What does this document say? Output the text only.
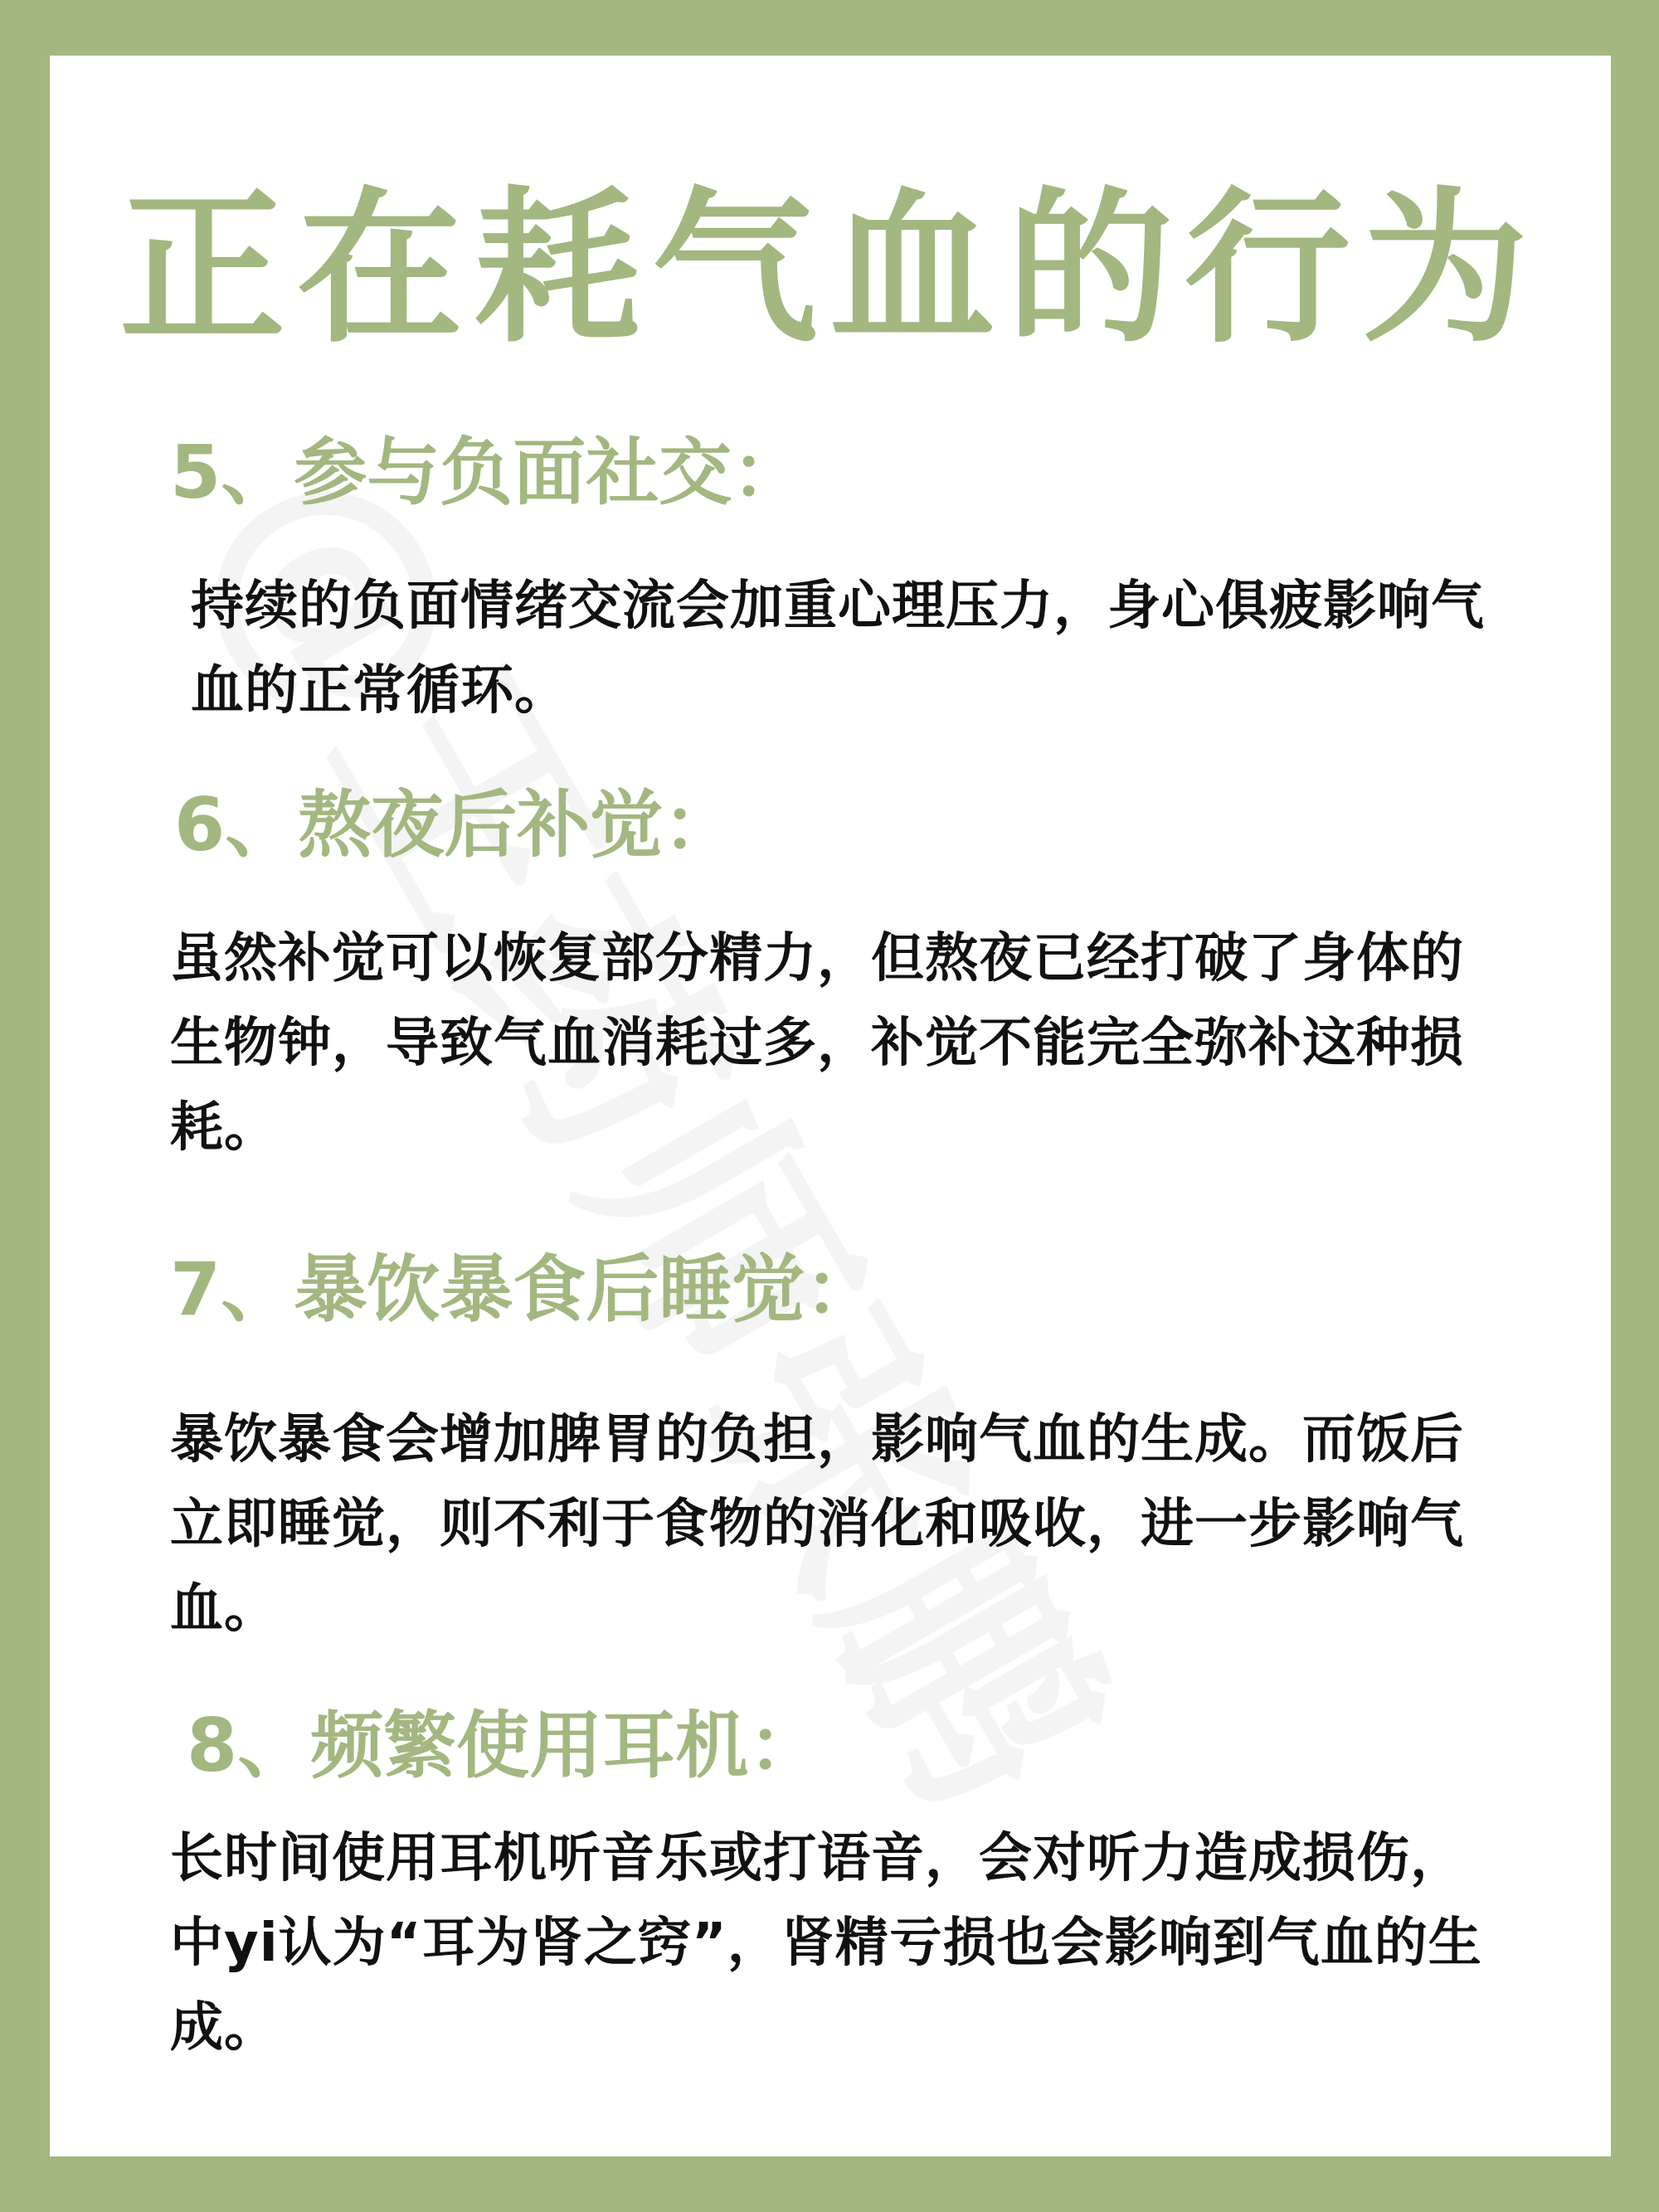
正在耗气血的行为
5、参与负面社交：
持续的负面情绪交流会加重心理压力，身心俱疲影响气血的正常循环。
6、熬夜后补觉：
虽然补觉可以恢复部分精力，但熬夜已经打破了身体的生物钟，导致气血消耗过多，补觉不能完全弥补这种损耗。
7、暴饮暴食后睡觉：
暴饮暴食会增加脾胃的负担，影响气血的生成。而饭后立即睡觉，则不利于食物的消化和吸收，进一步影响气血。
8、频繁使用耳机：
长时间使用耳机听音乐或打语音，会对听力造成损伤，中yi认为“耳为肾之窍”，肾精亏损也会影响到气血的生成。
